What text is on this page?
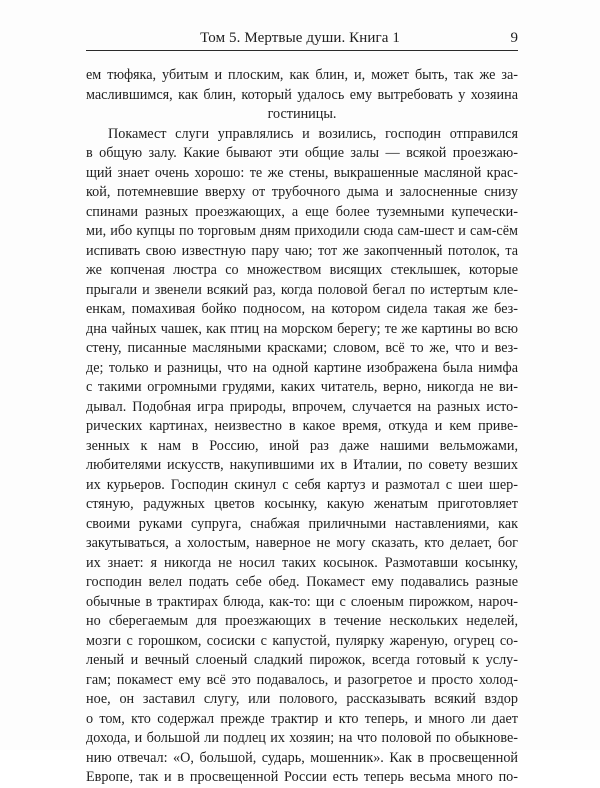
Том 5. Мертвые души. Книга 1	9
ем тюфяка, убитым и плоским, как блин, и, может быть, так же за-
маслившимся, как блин, который удалось ему вытребовать у хозяина
гостиницы.
Покамест слуги управлялись и возились, господин отправился
в общую залу. Какие бывают эти общие залы — всякой проезжаю-
щий знает очень хорошо: те же стены, выкрашенные масляной крас-
кой, потемневшие вверху от трубочного дыма и залосненные снизу
спинами разных проезжающих, а еще более туземными купечески-
ми, ибо купцы по торговым дням приходили сюда сам-шест и сам-сём
испивать свою известную пару чаю; тот же закопченный потолок, та
же копченая люстра со множеством висящих стеклышек, которые
прыгали и звенели всякий раз, когда половой бегал по истертым кле-
енкам, помахивая бойко подносом, на котором сидела такая же без-
дна чайных чашек, как птиц на морском берегу; те же картины во всю
стену, писанные масляными красками; словом, всё то же, что и вез-
де; только и разницы, что на одной картине изображена была нимфа
с такими огромными грудями, каких читатель, верно, никогда не ви-
дывал. Подобная игра природы, впрочем, случается на разных исто-
рических картинах, неизвестно в какое время, откуда и кем приве-
зенных к нам в Россию, иной раз даже нашими вельможами,
любителями искусств, накупившими их в Италии, по совету везших
их курьеров. Господин скинул с себя картуз и размотал с шеи шер-
стяную, радужных цветов косынку, какую женатым приготовляет
своими руками супруга, снабжая приличными наставлениями, как
закутываться, а холостым, наверное не могу сказать, кто делает, бог
их знает: я никогда не носил таких косынок. Размотавши косынку,
господин велел подать себе обед. Покамест ему подавались разные
обычные в трактирах блюда, как-то: щи с слоеным пирожком, нароч-
но сберегаемым для проезжающих в течение нескольких неделей,
мозги с горошком, сосиски с капустой, пулярку жареную, огурец со-
леный и вечный слоеный сладкий пирожок, всегда готовый к услу-
гам; покамест ему всё это подавалось, и разогретое и просто холод-
ное, он заставил слугу, или полового, рассказывать всякий вздор
о том, кто содержал прежде трактир и кто теперь, и много ли дает
дохода, и большой ли подлец их хозяин; на что половой по обыкнове-
нию отвечал: «О, большой, сударь, мошенник». Как в просвещенной
Европе, так и в просвещенной России есть теперь весьма много по-
